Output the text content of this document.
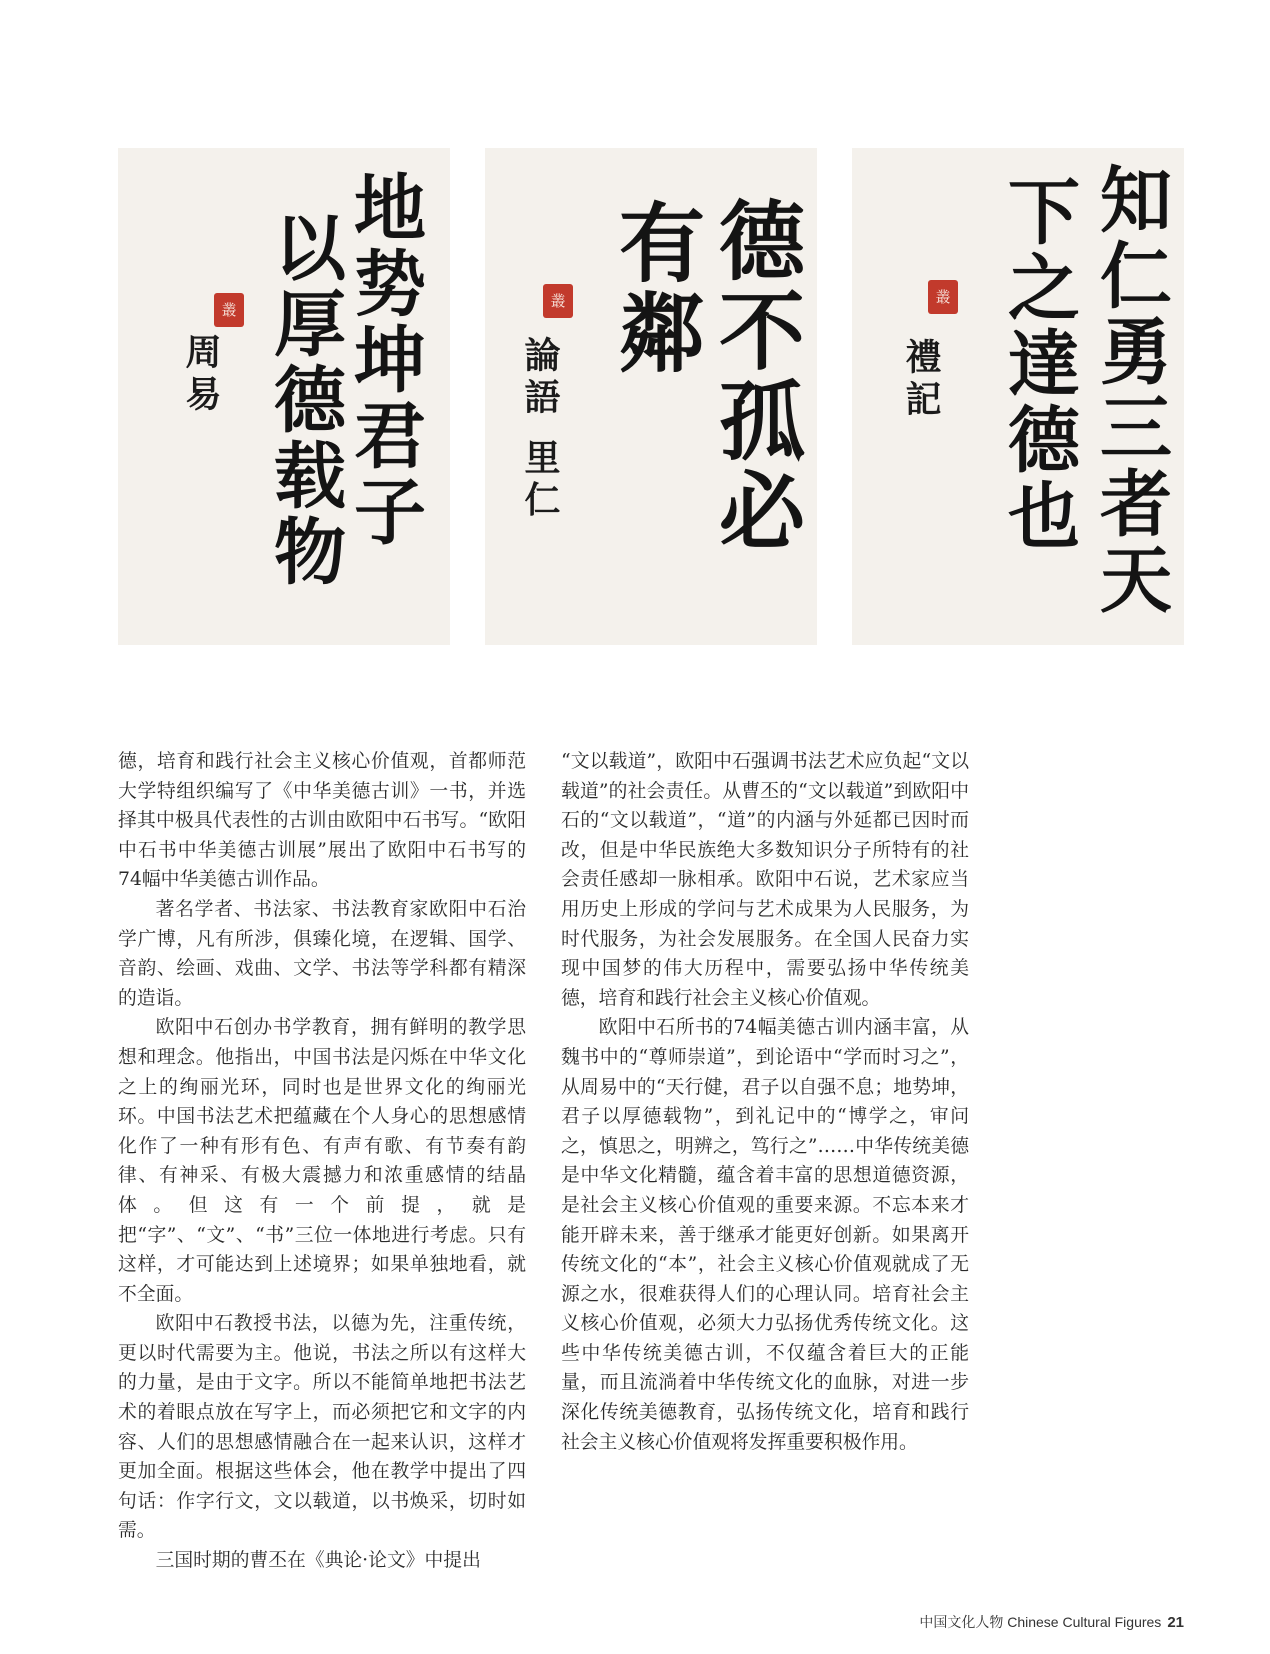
地势坤君子
以厚德载物
叢
周易	德不孤必
有鄰
叢
論語 里仁	知仁勇三者天
下之達德也
叢
禮記

德，培育和践行社会主义核心价值观，首都师范大学特组织编写了《中华美德古训》一书，并选择其中极具代表性的古训由欧阳中石书写。“欧阳中石书中华美德古训展”展出了欧阳中石书写的74幅中华美德古训作品。

著名学者、书法家、书法教育家欧阳中石治学广博，凡有所涉，俱臻化境，在逻辑、国学、音韵、绘画、戏曲、文学、书法等学科都有精深的造诣。

欧阳中石创办书学教育，拥有鲜明的教学思想和理念。他指出，中国书法是闪烁在中华文化之上的绚丽光环，同时也是世界文化的绚丽光环。中国书法艺术把蕴藏在个人身心的思想感情化作了一种有形有色、有声有歌、有节奏有韵律、有神采、有极大震撼力和浓重感情的结晶体。但这有一个前提，就是把“字”、“文”、“书”三位一体地进行考虑。只有这样，才可能达到上述境界；如果单独地看，就不全面。

欧阳中石教授书法，以德为先，注重传统，更以时代需要为主。他说，书法之所以有这样大的力量，是由于文字。所以不能简单地把书法艺术的着眼点放在写字上，而必须把它和文字的内容、人们的思想感情融合在一起来认识，这样才更加全面。根据这些体会，他在教学中提出了四句话：作字行文，文以载道，以书焕采，切时如需。

三国时期的曹丕在《典论·论文》中提出

“文以载道”，欧阳中石强调书法艺术应负起“文以载道”的社会责任。从曹丕的“文以载道”到欧阳中石的“文以载道”，“道”的内涵与外延都已因时而改，但是中华民族绝大多数知识分子所特有的社会责任感却一脉相承。欧阳中石说，艺术家应当用历史上形成的学问与艺术成果为人民服务，为时代服务，为社会发展服务。在全国人民奋力实现中国梦的伟大历程中，需要弘扬中华传统美德，培育和践行社会主义核心价值观。

欧阳中石所书的74幅美德古训内涵丰富，从魏书中的“尊师崇道”，到论语中“学而时习之”，从周易中的“天行健，君子以自强不息；地势坤，君子以厚德载物”，到礼记中的“博学之，审问之，慎思之，明辨之，笃行之”……中华传统美德是中华文化精髓，蕴含着丰富的思想道德资源，是社会主义核心价值观的重要来源。不忘本来才能开辟未来，善于继承才能更好创新。如果离开传统文化的“本”，社会主义核心价值观就成了无源之水，很难获得人们的心理认同。培育社会主义核心价值观，必须大力弘扬优秀传统文化。这些中华传统美德古训，不仅蕴含着巨大的正能量，而且流淌着中华传统文化的血脉，对进一步深化传统美德教育，弘扬传统文化，培育和践行社会主义核心价值观将发挥重要积极作用。

中国文化人物 Chinese Cultural Figures 21
